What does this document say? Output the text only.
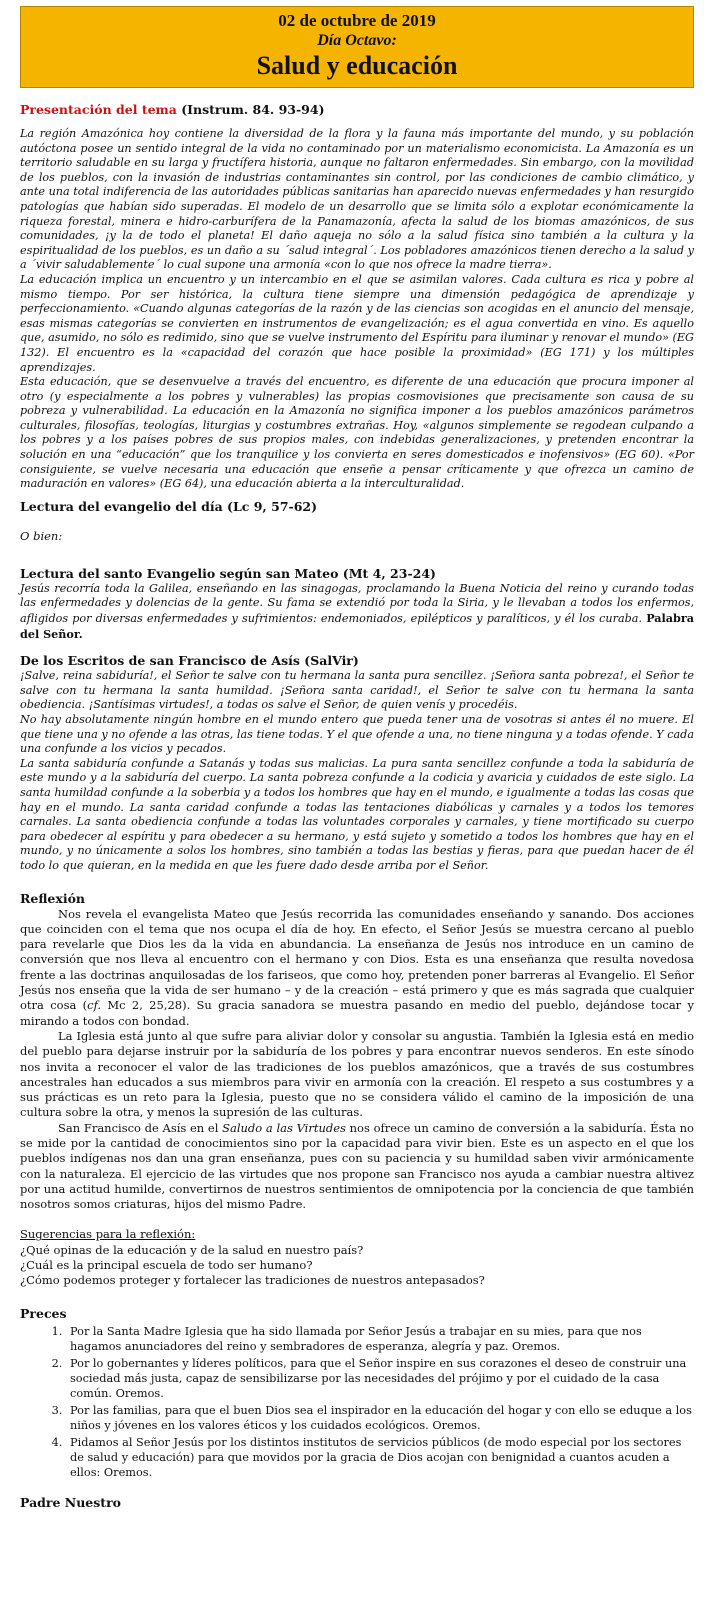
02 de octubre de 2019
Día Octavo:
Salud y educación
Presentación del tema (Instrum. 84. 93-94)

La región Amazónica hoy contiene la diversidad de la flora y la fauna más importante del mundo, y su población autóctona posee un sentido integral de la vida no contaminado por un materialismo economicista. La Amazonía es un territorio saludable en su larga y fructífera historia, aunque no faltaron enfermedades. Sin embargo, con la movilidad de los pueblos, con la invasión de industrias contaminantes sin control, por las condiciones de cambio climático, y ante una total indiferencia de las autoridades públicas sanitarias han aparecido nuevas enfermedades y han resurgido patologías que habían sido superadas. El modelo de un desarrollo que se limita sólo a explotar económicamente la riqueza forestal, minera e hidro-carburífera de la Panamazonía, afecta la salud de los biomas amazónicos, de sus comunidades, ¡y la de todo el planeta! El daño aqueja no sólo a la salud física sino también a la cultura y la espiritualidad de los pueblos, es un daño a su ´salud integral´. Los pobladores amazónicos tienen derecho a la salud y a ´vivir saludablemente´ lo cual supone una armonía «con lo que nos ofrece la madre tierra».

La educación implica un encuentro y un intercambio en el que se asimilan valores. Cada cultura es rica y pobre al mismo tiempo. Por ser histórica, la cultura tiene siempre una dimensión pedagógica de aprendizaje y perfeccionamiento. «Cuando algunas categorías de la razón y de las ciencias son acogidas en el anuncio del mensaje, esas mismas categorías se convierten en instrumentos de evangelización; es el agua convertida en vino. Es aquello que, asumido, no sólo es redimido, sino que se vuelve instrumento del Espíritu para iluminar y renovar el mundo» (EG 132). El encuentro es la «capacidad del corazón que hace posible la proximidad» (EG 171) y los múltiples aprendizajes.

Esta educación, que se desenvuelve a través del encuentro, es diferente de una educación que procura imponer al otro (y especialmente a los pobres y vulnerables) las propias cosmovisiones que precisamente son causa de su pobreza y vulnerabilidad. La educación en la Amazonía no significa imponer a los pueblos amazónicos parámetros culturales, filosofías, teologías, liturgias y costumbres extrañas. Hoy, «algunos simplemente se regodean culpando a los pobres y a los países pobres de sus propios males, con indebidas generalizaciones, y pretenden encontrar la solución en una “educación” que los tranquilice y los convierta en seres domesticados e inofensivos» (EG 60). «Por consiguiente, se vuelve necesaria una educación que enseñe a pensar críticamente y que ofrezca un camino de maduración en valores» (EG 64), una educación abierta a la interculturalidad.

Lectura del evangelio del día (Lc 9, 57-62)

O bien:

Lectura del santo Evangelio según san Mateo (Mt 4, 23-24)

Jesús recorría toda la Galilea, enseñando en las sinagogas, proclamando la Buena Noticia del reino y curando todas las enfermedades y dolencias de la gente. Su fama se extendió por toda la Siria, y le llevaban a todos los enfermos, afligidos por diversas enfermedades y sufrimientos: endemoniados, epilépticos y paralíticos, y él los curaba. Palabra del Señor.

De los Escritos de san Francisco de Asís (SalVir)

¡Salve, reina sabiduría!, el Señor te salve con tu hermana la santa pura sencillez. ¡Señora santa pobreza!, el Señor te salve con tu hermana la santa humildad. ¡Señora santa caridad!, el Señor te salve con tu hermana la santa obediencia. ¡Santísimas virtudes!, a todas os salve el Señor, de quien venís y procedéis.

No hay absolutamente ningún hombre en el mundo entero que pueda tener una de vosotras si antes él no muere. El que tiene una y no ofende a las otras, las tiene todas. Y el que ofende a una, no tiene ninguna y a todas ofende. Y cada una confunde a los vicios y pecados.

La santa sabiduría confunde a Satanás y todas sus malicias. La pura santa sencillez confunde a toda la sabiduría de este mundo y a la sabiduría del cuerpo. La santa pobreza confunde a la codicia y avaricia y cuidados de este siglo. La santa humildad confunde a la soberbia y a todos los hombres que hay en el mundo, e igualmente a todas las cosas que hay en el mundo. La santa caridad confunde a todas las tentaciones diabólicas y carnales y a todos los temores carnales. La santa obediencia confunde a todas las voluntades corporales y carnales, y tiene mortificado su cuerpo para obedecer al espíritu y para obedecer a su hermano, y está sujeto y sometido a todos los hombres que hay en el mundo, y no únicamente a solos los hombres, sino también a todas las bestias y fieras, para que puedan hacer de él todo lo que quieran, en la medida en que les fuere dado desde arriba por el Señor.

Reflexión

Nos revela el evangelista Mateo que Jesús recorrida las comunidades enseñando y sanando. Dos acciones que coinciden con el tema que nos ocupa el día de hoy. En efecto, el Señor Jesús se muestra cercano al pueblo para revelarle que Dios les da la vida en abundancia. La enseñanza de Jesús nos introduce en un camino de conversión que nos lleva al encuentro con el hermano y con Dios. Esta es una enseñanza que resulta novedosa frente a las doctrinas anquilosadas de los fariseos, que como hoy, pretenden poner barreras al Evangelio. El Señor Jesús nos enseña que la vida de ser humano – y de la creación – está primero y que es más sagrada que cualquier otra cosa (cf. Mc 2, 25,28). Su gracia sanadora se muestra pasando en medio del pueblo, dejándose tocar y mirando a todos con bondad.

La Iglesia está junto al que sufre para aliviar dolor y consolar su angustia. También la Iglesia está en medio del pueblo para dejarse instruir por la sabiduría de los pobres y para encontrar nuevos senderos. En este sínodo nos invita a reconocer el valor de las tradiciones de los pueblos amazónicos, que a través de sus costumbres ancestrales han educados a sus miembros para vivir en armonía con la creación. El respeto a sus costumbres y a sus prácticas es un reto para la Iglesia, puesto que no se considera válido el camino de la imposición de una cultura sobre la otra, y menos la supresión de las culturas.

San Francisco de Asís en el Saludo a las Virtudes nos ofrece un camino de conversión a la sabiduría. Ésta no se mide por la cantidad de conocimientos sino por la capacidad para vivir bien. Este es un aspecto en el que los pueblos indígenas nos dan una gran enseñanza, pues con su paciencia y su humildad saben vivir armónicamente con la naturaleza. El ejercicio de las virtudes que nos propone san Francisco nos ayuda a cambiar nuestra altivez por una actitud humilde, convertirnos de nuestros sentimientos de omnipotencia por la conciencia de que también nosotros somos criaturas, hijos del mismo Padre.

Sugerencias para la reflexión:

¿Qué opinas de la educación y de la salud en nuestro país?

¿Cuál es la principal escuela de todo ser humano?

¿Cómo podemos proteger y fortalecer las tradiciones de nuestros antepasados?

Preces

1. Por la Santa Madre Iglesia que ha sido llamada por Señor Jesús a trabajar en su mies, para que nos hagamos anunciadores del reino y sembradores de esperanza, alegría y paz. Oremos.
2. Por lo gobernantes y líderes políticos, para que el Señor inspire en sus corazones el deseo de construir una sociedad más justa, capaz de sensibilizarse por las necesidades del prójimo y por el cuidado de la casa común. Oremos.
3. Por las familias, para que el buen Dios sea el inspirador en la educación del hogar y con ello se eduque a los niños y jóvenes en los valores éticos y los cuidados ecológicos. Oremos.
4. Pidamos al Señor Jesús por los distintos institutos de servicios públicos (de modo especial por los sectores de salud y educación) para que movidos por la gracia de Dios acojan con benignidad a cuantos acuden a ellos: Oremos.

Padre Nuestro
